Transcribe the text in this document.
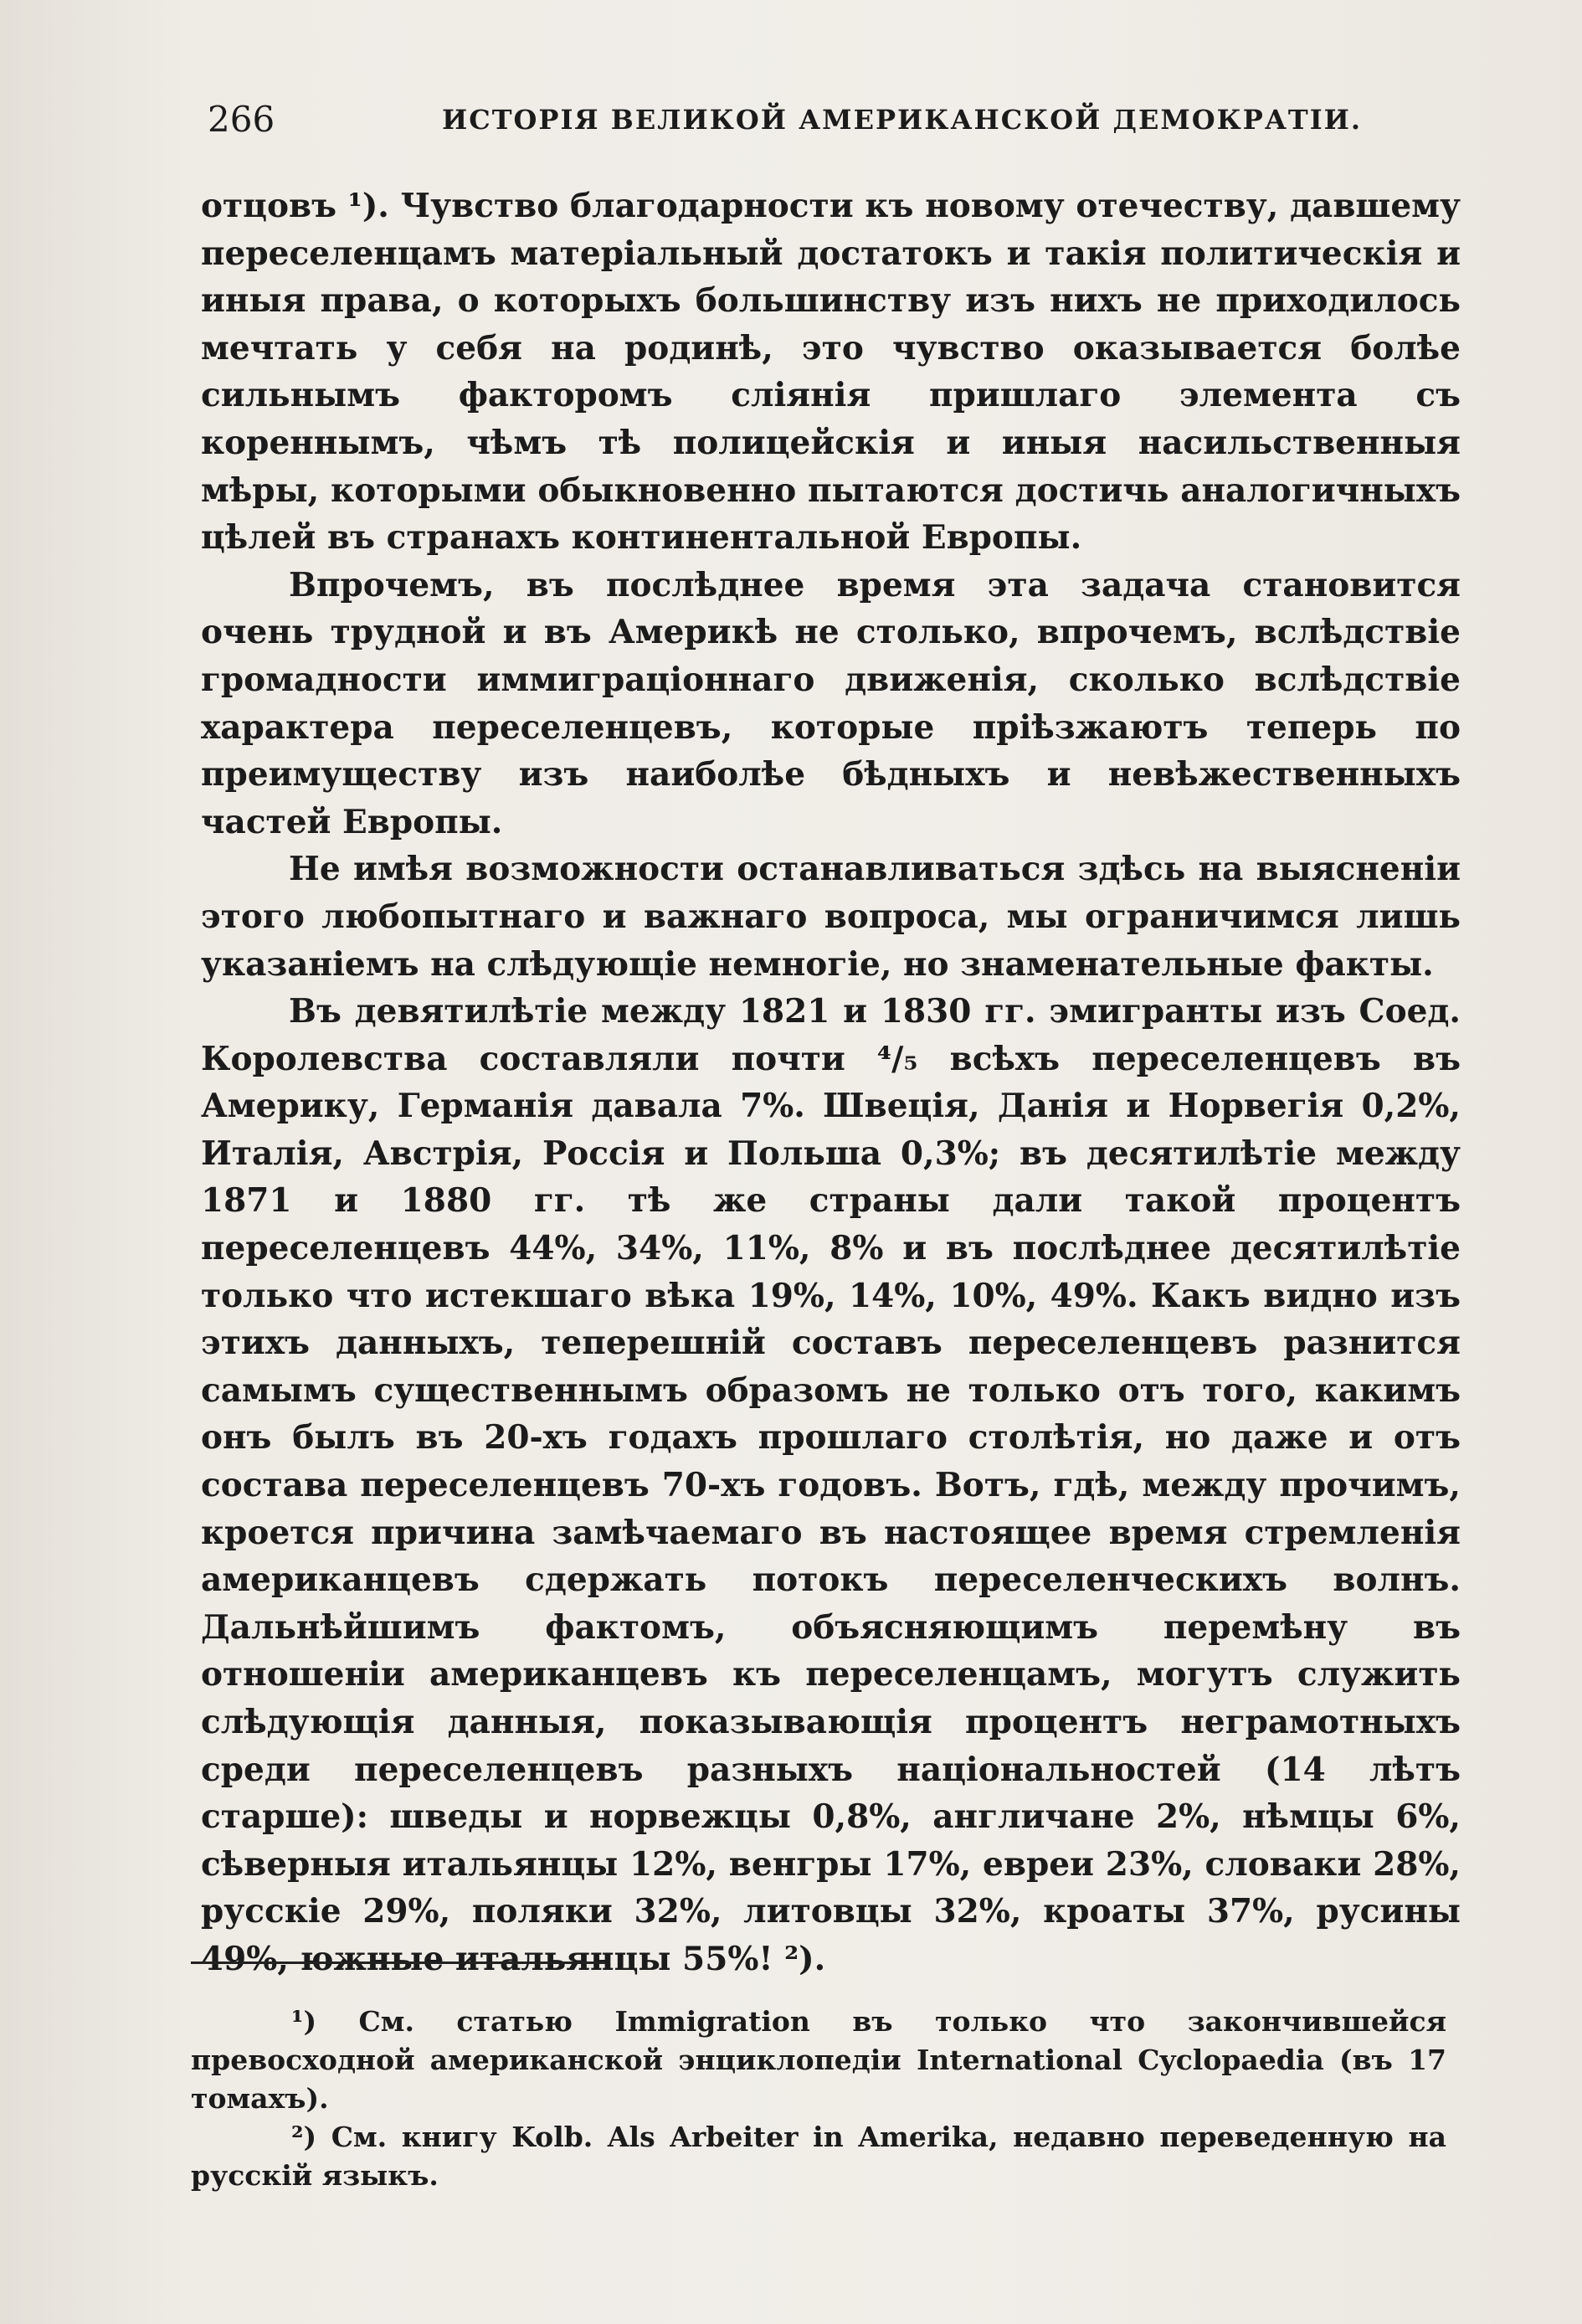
266	ИСТОРІЯ ВЕЛИКОЙ АМЕРИКАНСКОЙ ДЕМОКРАТІИ.

отцовъ ¹). Чувство благодарности къ новому отечеству, давшему переселенцамъ матеріальный достатокъ и такія политическія и иныя права, о которыхъ большинству изъ нихъ не приходилось мечтать у себя на родинѣ, это чувство оказывается болѣе сильнымъ факторомъ сліянія пришлаго элемента съ кореннымъ, чѣмъ тѣ полицейскія и иныя насильственныя мѣры, которыми обыкновенно пытаются достичь аналогичныхъ цѣлей въ странахъ континентальной Европы.

Впрочемъ, въ послѣднее время эта задача становится очень трудной и въ Америкѣ не столько, впрочемъ, вслѣдствіе громадности иммиграціоннаго движенія, сколько вслѣдствіе характера переселенцевъ, которые пріѣзжаютъ теперь по преимуществу изъ наиболѣе бѣдныхъ и невѣжественныхъ частей Европы.

Не имѣя возможности останавливаться здѣсь на выясненіи этого любопытнаго и важнаго вопроса, мы ограничимся лишь указаніемъ на слѣдующіе немногіе, но знаменательные факты.

Въ девятилѣтіе между 1821 и 1830 гг. эмигранты изъ Соед. Королевства составляли почти ⁴/₅ всѣхъ переселенцевъ въ Америку, Германія давала 7%. Швеція, Данія и Норвегія 0,2%, Италія, Австрія, Россія и Польша 0,3%; въ десятилѣтіе между 1871 и 1880 гг. тѣ же страны дали такой процентъ переселенцевъ 44%, 34%, 11%, 8% и въ послѣднее десятилѣтіе только что истекшаго вѣка 19%, 14%, 10%, 49%. Какъ видно изъ этихъ данныхъ, теперешній составъ переселенцевъ разнится самымъ существеннымъ образомъ не только отъ того, какимъ онъ былъ въ 20-хъ годахъ прошлаго столѣтія, но даже и отъ состава переселенцевъ 70-хъ годовъ. Вотъ, гдѣ, между прочимъ, кроется причина замѣчаемаго въ настоящее время стремленія американцевъ сдержать потокъ переселенческихъ волнъ. Дальнѣйшимъ фактомъ, объясняющимъ перемѣну въ отношеніи американцевъ къ переселенцамъ, могутъ служить слѣдующія данныя, показывающія процентъ неграмотныхъ среди переселенцевъ разныхъ національностей (14 лѣтъ старше): шведы и норвежцы 0,8%, англичане 2%, нѣмцы 6%, сѣверныя итальянцы 12%, венгры 17%, евреи 23%, словаки 28%, русскіе 29%, поляки 32%, литовцы 32%, кроаты 37%, русины 49%, южные итальянцы 55%! ²).

¹) См. статью Immigration въ только что закончившейся превосходной американской энциклопедіи International Cyclopaedia (въ 17 томахъ).

²) См. книгу Kolb. Als Arbeiter in Amerika, недавно переведенную на русскій языкъ.
